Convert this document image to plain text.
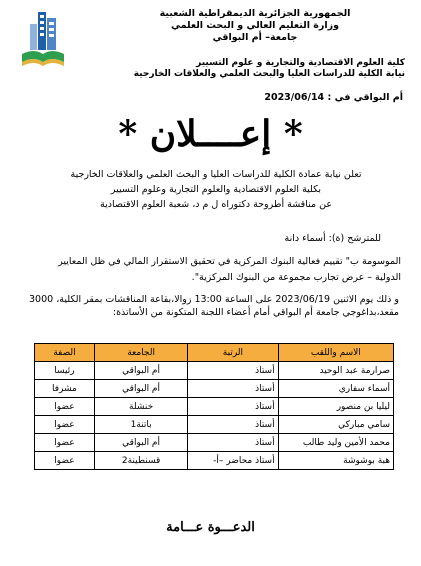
الجمهورية الجزائرية الديمقراطية الشعبية
وزارة التعليم العالي و البحث العلمي
جامعة– أم البواقي
كلية العلوم الاقتصادية والتجارية و علوم التسيير
نيابة الكلية للدراسات العليا والبحث العلمي والعلاقات الخارجية
أم البواقي في : 2023/06/14
* إعــــلان *
تعلن نيابة عمادة الكلية للدراسات العليا و البحث العلمي والعلاقات الخارجية
بكلية العلوم الاقتصادية والعلوم التجارية وعلوم التسيير
عن مناقشة أطروحة دكتوراه ل م د، شعبة العلوم الاقتصادية
للمترشح (ة): أسماء دانة
الموسومة ب" تقييم فعالية البنوك المركزية في تحقيق الاستقرار المالي في ظل المعايير
الدولية – عرض تجارب مجموعة من البنوك المركزية".
و ذلك يوم الاثنين 2023/06/19 على الساعة 13:00 زوالا،بقاعة المناقشات بمقر الكلية، 3000
مقعد،بداغوجي جامعة أم البواقي أمام أعضاء اللجنة المتكونة من الأساتذة:
الاسم واللقب	الرتبة	الجامعة	الصفة
صرارمة عبد الوحيد	أستاذ	أم البواقي	رئيسا
أسماء سفاري	أستاذ	أم البواقي	مشرفا
ليليا بن منصور	أستاذ	خنشلة	عضوا
سامي مباركي	أستاذ	باتنة1	عضوا
محمد الأمين وليد طالب	أستاذ	أم البواقي	عضوا
هبة بوشوشة	أستاذ محاضر –أ-	قسنطينة2	عضوا
الدعـــوة عـــامة
